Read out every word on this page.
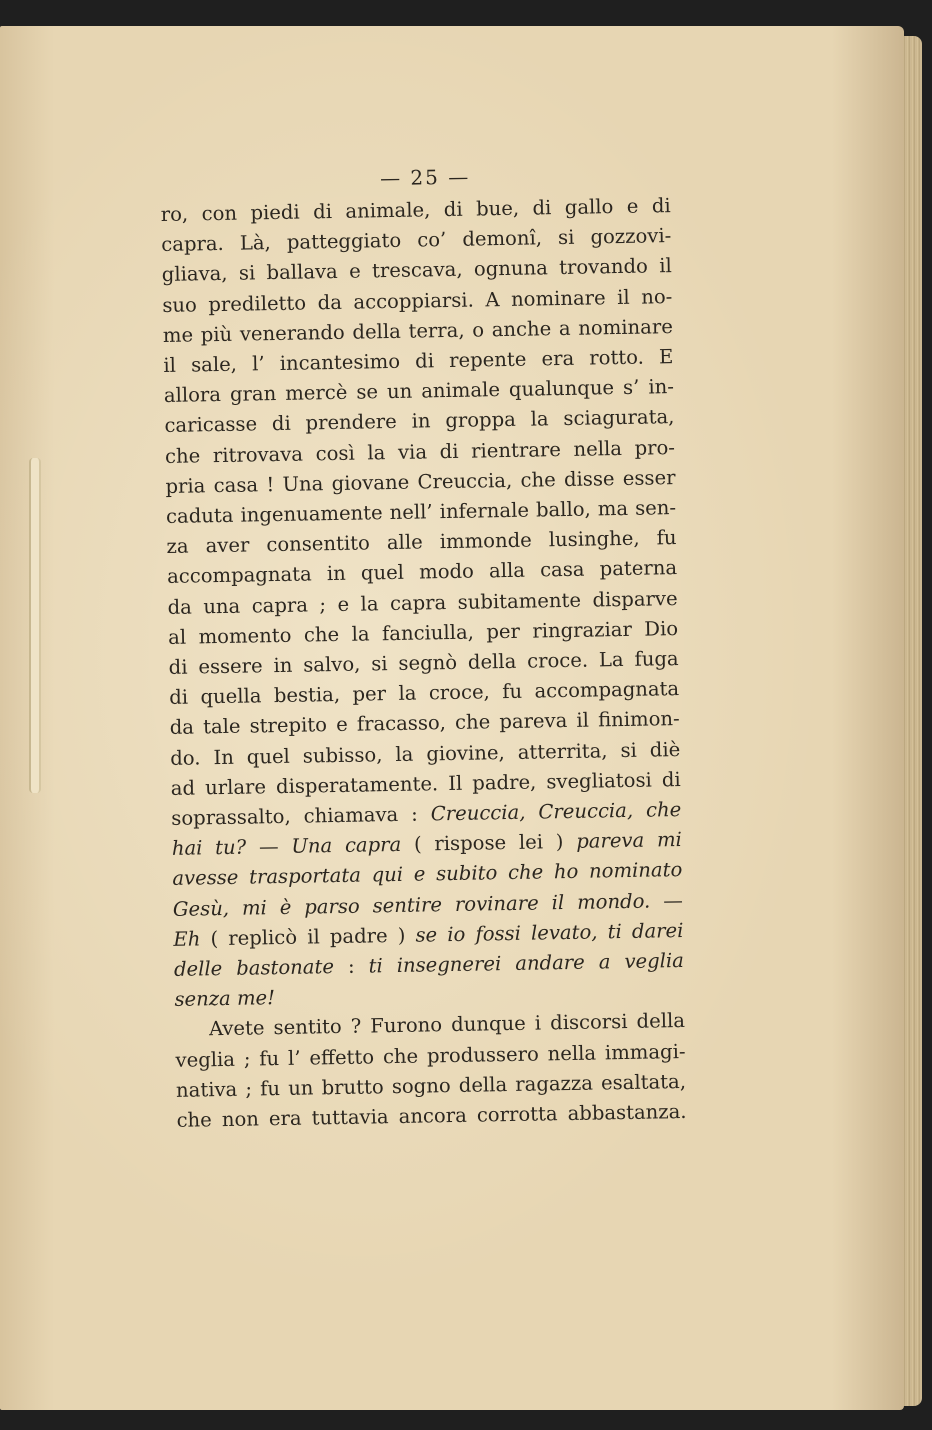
— 25 —

ro, con piedi di animale, di bue, di gallo e di

capra. Là, patteggiato co’ demonî, si gozzovi-

gliava, si ballava e trescava, ognuna trovando il

suo prediletto da accoppiarsi. A nominare il no-

me più venerando della terra, o anche a nominare

il sale, l’ incantesimo di repente era rotto. E

allora gran mercè se un animale qualunque s’ in-

caricasse di prendere in groppa la sciagurata,

che ritrovava così la via di rientrare nella pro-

pria casa ! Una giovane Creuccia, che disse esser

caduta ingenuamente nell’ infernale ballo, ma sen-

za aver consentito alle immonde lusinghe, fu

accompagnata in quel modo alla casa paterna

da una capra ; e la capra subitamente disparve

al momento che la fanciulla, per ringraziar Dio

di essere in salvo, si segnò della croce. La fuga

di quella bestia, per la croce, fu accompagnata

da tale strepito e fracasso, che pareva il finimon-

do. In quel subisso, la giovine, atterrita, si diè

ad urlare disperatamente. Il padre, svegliatosi di

soprassalto, chiamava : Creuccia, Creuccia, che

hai tu? — Una capra ( rispose lei ) pareva mi

avesse trasportata qui e subito che ho nominato

Gesù, mi è parso sentire rovinare il mondo. —

Eh ( replicò il padre ) se io fossi levato, ti darei

delle bastonate : ti insegnerei andare a veglia

senza me!

Avete sentito ? Furono dunque i discorsi della

veglia ; fu l’ effetto che produssero nella immagi-

nativa ; fu un brutto sogno della ragazza esaltata,

che non era tuttavia ancora corrotta abbastanza.
